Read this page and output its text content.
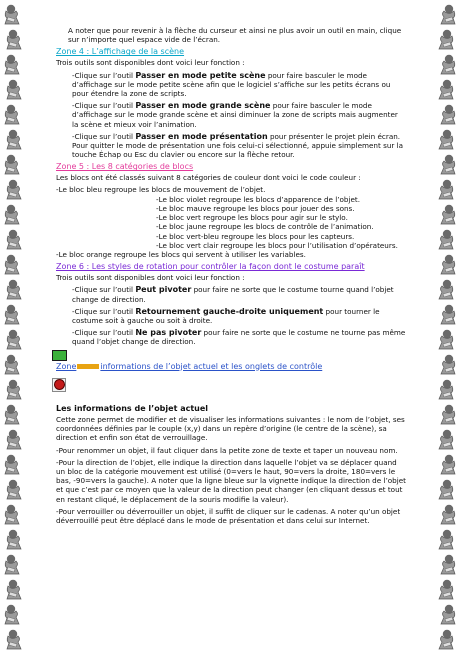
A noter que pour revenir à la flèche du curseur et ainsi ne plus avoir un outil en main, clique sur n’importe quel espace vide de l’écran.

Zone 4 : L’affichage de la scène

Trois outils sont disponibles dont voici leur fonction :

-Clique sur l’outil Passer en mode petite scène pour faire basculer le mode d’affichage sur le mode petite scène afin que le logiciel s’affiche sur les petits écrans ou pour étendre la zone de scripts.

-Clique sur l’outil Passer en mode grande scène pour faire basculer le mode d’affichage sur le mode grande scène et ainsi diminuer la zone de scripts mais augmenter la scène et mieux voir l’animation.

-Clique sur l’outil Passer en mode présentation pour présenter le projet plein écran. Pour quitter le mode de présentation une fois celui-ci sélectionné, appuie simplement sur la touche Échap ou Esc du clavier ou encore sur la flèche retour.

Zone 5 : Les 8 catégories de blocs

Les blocs ont été classés suivant 8 catégories de couleur dont voici le code couleur :

-Le bloc bleu regroupe les blocs de mouvement de l’objet.

-Le bloc violet regroupe les blocs d’apparence de l’objet.
-Le bloc mauve regroupe les blocs pour jouer des sons.
-Le bloc vert regroupe les blocs pour agir sur le stylo.
-Le bloc jaune regroupe les blocs de contrôle de l’animation.
-Le bloc vert-bleu regroupe les blocs pour les capteurs.
-Le bloc vert clair regroupe les blocs pour l’utilisation d’opérateurs.

-Le bloc orange regroupe les blocs qui servent à utiliser les variables.

Zone 6 : Les styles de rotation pour contrôler la façon dont le costume paraît

Trois outils sont disponibles dont voici leur fonction :

-Clique sur l’outil Peut pivoter pour faire ne sorte que le costume tourne quand l’objet change de direction.

-Clique sur l’outil Retournement gauche-droite uniquement pour tourner le costume soit à gauche ou soit à droite.

-Clique sur l’outil Ne pas pivoter pour faire ne sorte que le costume ne tourne pas même quand l’objet change de direction.

Zone	informations de l’objet actuel et les onglets de contrôle
Les informations de l’objet actuel

Cette zone permet de modifier et de visualiser les informations suivantes : le nom de l’objet, ses coordonnées définies par le couple (x,y) dans un repère d’origine (le centre de la scène), sa direction et enfin son état de verrouillage.

-Pour renommer un objet, il faut cliquer dans la petite zone de texte et taper un nouveau nom.

-Pour la direction de l’objet, elle indique la direction dans laquelle l’objet va se déplacer quand un bloc de la catégorie mouvement est utilisé (0=vers le haut, 90=vers la droite, 180=vers le bas, -90=vers la gauche). A noter que la ligne bleue sur la vignette indique la direction de l’objet et que c’est par ce moyen que la valeur de la direction peut changer (en cliquant dessus et tout en restant cliqué, le déplacement de la souris modifie la valeur).

-Pour verrouiller ou déverrouiller un objet, il suffit de cliquer sur le cadenas. A noter qu’un objet déverrouillé peut être déplacé dans le mode de présentation et dans celui sur Internet.
